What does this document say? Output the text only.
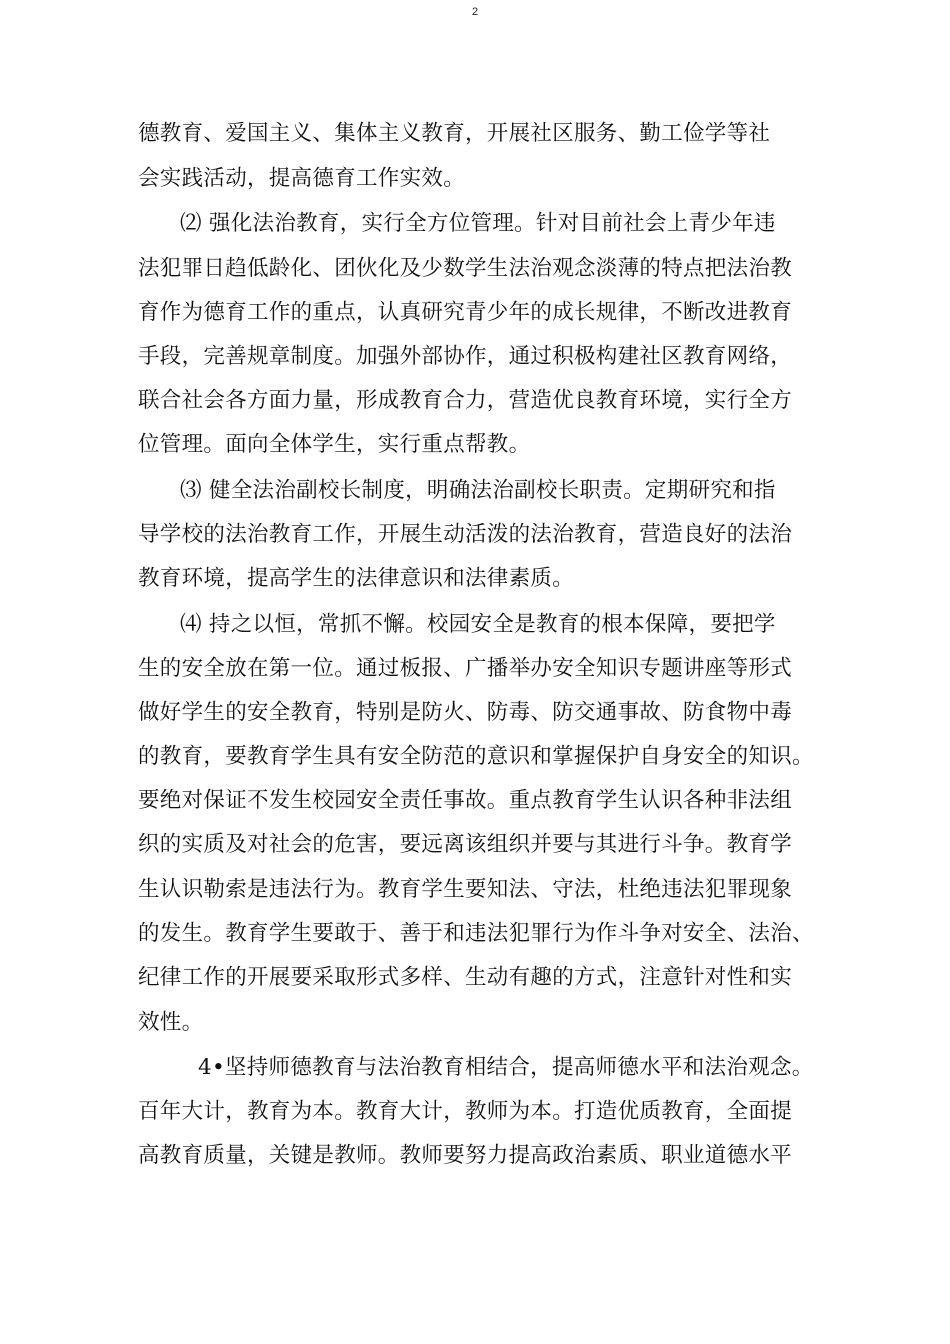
2
德教育、爱国主义、集体主义教育，开展社区服务、勤工俭学等社
会实践活动，提高德育工作实效。
⑵ 强化法治教育，实行全方位管理。针对目前社会上青少年违
法犯罪日趋低龄化、团伙化及少数学生法治观念淡薄的特点把法治教
育作为德育工作的重点，认真研究青少年的成长规律，不断改进教育
手段，完善规章制度。加强外部协作，通过积极构建社区教育网络，
联合社会各方面力量，形成教育合力，营造优良教育环境，实行全方
位管理。面向全体学生，实行重点帮教。
⑶ 健全法治副校长制度，明确法治副校长职责。定期研究和指
导学校的法治教育工作，开展生动活泼的法治教育，营造良好的法治
教育环境，提高学生的法律意识和法律素质。
⑷ 持之以恒，常抓不懈。校园安全是教育的根本保障，要把学
生的安全放在第一位。通过板报、广播举办安全知识专题讲座等形式
做好学生的安全教育，特别是防火、防毒、防交通事故、防食物中毒
的教育，要教育学生具有安全防范的意识和掌握保护自身安全的知识。
要绝对保证不发生校园安全责任事故。重点教育学生认识各种非法组
织的实质及对社会的危害，要远离该组织并要与其进行斗争。教育学
生认识勒索是违法行为。教育学生要知法、守法，杜绝违法犯罪现象
的发生。教育学生要敢于、善于和违法犯罪行为作斗争对安全、法治、
纪律工作的开展要采取形式多样、生动有趣的方式，注意针对性和实
效性。
4•坚持师德教育与法治教育相结合，提高师德水平和法治观念。
百年大计，教育为本。教育大计，教师为本。打造优质教育，全面提
高教育质量，关键是教师。教师要努力提高政治素质、职业道德水平
